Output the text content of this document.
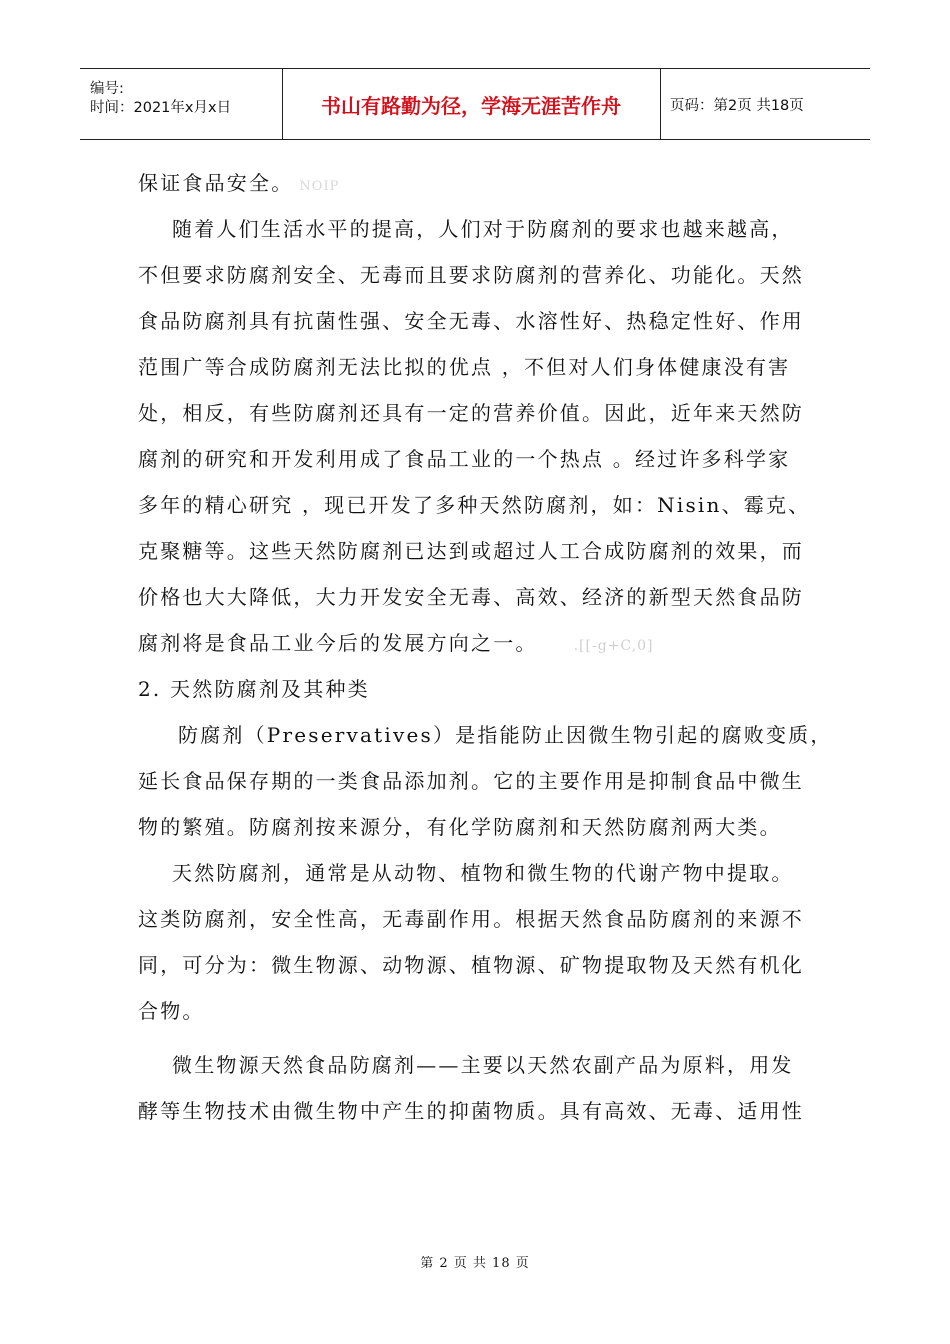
编号:
时间：2021年x月x日	书山有路勤为径，学海无涯苦作舟	页码：第2页 共18页
保证食品安全。 NOIP
随着人们生活水平的提高，人们对于防腐剂的要求也越来越高，
不但要求防腐剂安全、无毒而且要求防腐剂的营养化、功能化。天然
食品防腐剂具有抗菌性强、安全无毒、水溶性好、热稳定性好、作用
范围广等合成防腐剂无法比拟的优点 ，不但对人们身体健康没有害
处，相反，有些防腐剂还具有一定的营养价值。因此，近年来天然防
腐剂的研究和开发利用成了食品工业的一个热点 。经过许多科学家
多年的精心研究 ，现已开发了多种天然防腐剂，如：Nisin、霉克、
克聚糖等。这些天然防腐剂已达到或超过人工合成防腐剂的效果，而
价格也大大降低，大力开发安全无毒、高效、经济的新型天然食品防
腐剂将是食品工业今后的发展方向之一。	.[[-g+C,0]
2. 天然防腐剂及其种类
防腐剂（Preservatives）是指能防止因微生物引起的腐败变质，
延长食品保存期的一类食品添加剂。它的主要作用是抑制食品中微生
物的繁殖。防腐剂按来源分，有化学防腐剂和天然防腐剂两大类。
天然防腐剂，通常是从动物、植物和微生物的代谢产物中提取。
这类防腐剂，安全性高，无毒副作用。根据天然食品防腐剂的来源不
同，可分为：微生物源、动物源、植物源、矿物提取物及天然有机化
合物。
微生物源天然食品防腐剂——主要以天然农副产品为原料，用发
酵等生物技术由微生物中产生的抑菌物质。具有高效、无毒、适用性
第 2 页 共 18 页
